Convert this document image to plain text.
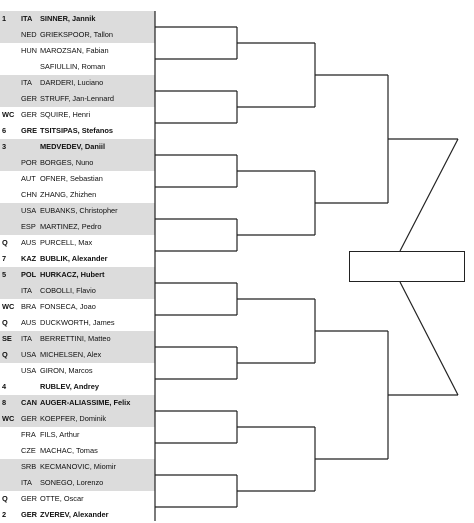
1	ITA SINNER, Jannik
NED GRIEKSPOOR, Tallon
HUN MAROZSAN, Fabian
SAFIULLIN, Roman
ITA DARDERI, Luciano
GER STRUFF, Jan-Lennard
WC GER SQUIRE, Henri
6	GRE TSITSIPAS, Stefanos
3	MEDVEDEV, Daniil
POR BORGES, Nuno
AUT OFNER, Sebastian
CHN ZHANG, Zhizhen
USA EUBANKS, Christopher
ESP MARTINEZ, Pedro
Q	AUS PURCELL, Max
7	KAZ BUBLIK, Alexander
5	POL HURKACZ, Hubert
ITA COBOLLI, Flavio
WC BRA FONSECA, Joao
Q	AUS DUCKWORTH, James
SE ITA BERRETTINI, Matteo
Q	USA MICHELSEN, Alex
USA GIRON, Marcos
4	RUBLEV, Andrey
8	CAN AUGER-ALIASSIME, Felix
WC GER KOEPFER, Dominik
FRA FILS, Arthur
CZE MACHAC, Tomas
SRB KECMANOVIC, Miomir
ITA SONEGO, Lorenzo
Q	GER OTTE, Oscar
2	GER ZVEREV, Alexander
